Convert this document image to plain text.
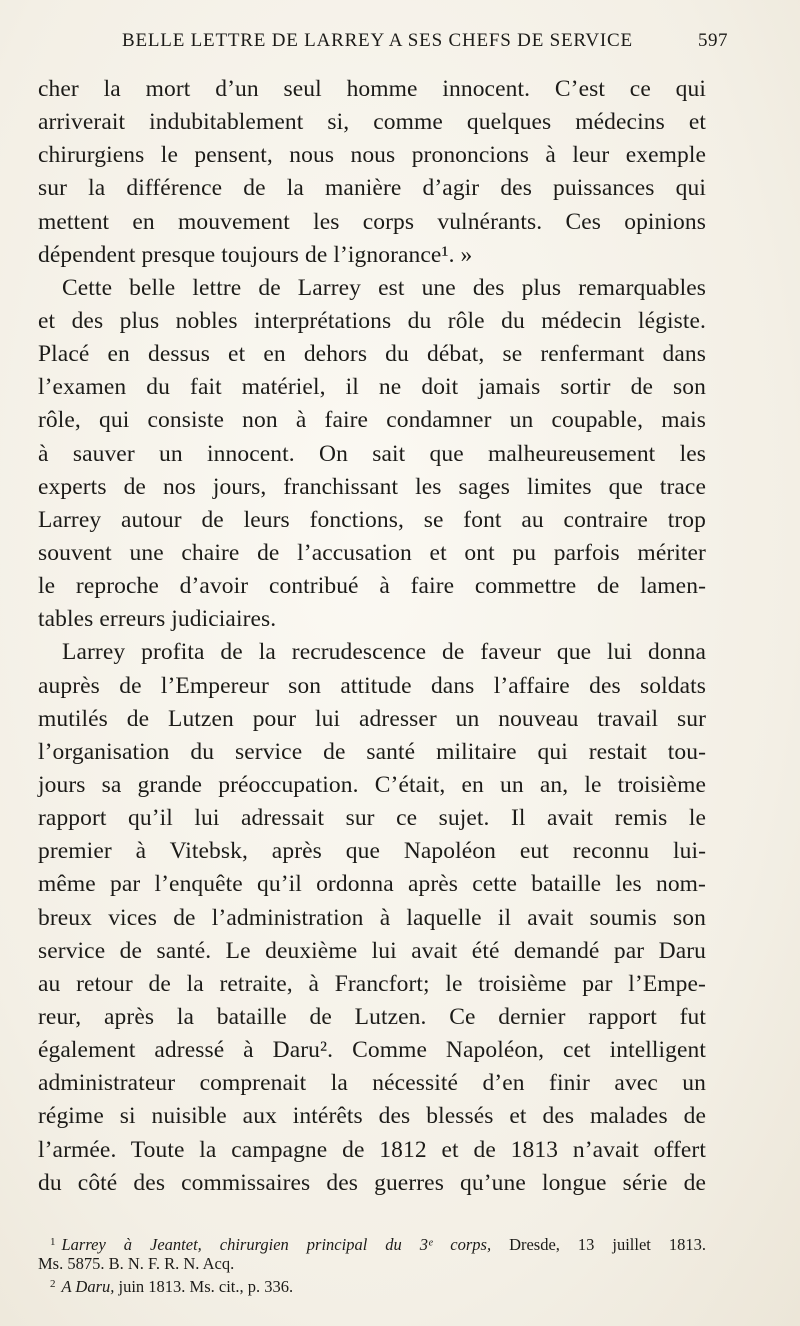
BELLE LETTRE DE LARREY A SES CHEFS DE SERVICE	597
cher la mort d’un seul homme innocent. C’est ce qui
arriverait indubitablement si, comme quelques médecins et
chirurgiens le pensent, nous nous prononcions à leur exemple
sur la différence de la manière d’agir des puissances qui
mettent en mouvement les corps vulnérants. Ces opinions
dépendent presque toujours de l’ignorance¹. »
Cette belle lettre de Larrey est une des plus remarquables
et des plus nobles interprétations du rôle du médecin légiste.
Placé en dessus et en dehors du débat, se renfermant dans
l’examen du fait matériel, il ne doit jamais sortir de son
rôle, qui consiste non à faire condamner un coupable, mais
à sauver un innocent. On sait que malheureusement les
experts de nos jours, franchissant les sages limites que trace
Larrey autour de leurs fonctions, se font au contraire trop
souvent une chaire de l’accusation et ont pu parfois mériter
le reproche d’avoir contribué à faire commettre de lamen-
tables erreurs judiciaires.
Larrey profita de la recrudescence de faveur que lui donna
auprès de l’Empereur son attitude dans l’affaire des soldats
mutilés de Lutzen pour lui adresser un nouveau travail sur
l’organisation du service de santé militaire qui restait tou-
jours sa grande préoccupation. C’était, en un an, le troisième
rapport qu’il lui adressait sur ce sujet. Il avait remis le
premier à Vitebsk, après que Napoléon eut reconnu lui-
même par l’enquête qu’il ordonna après cette bataille les nom-
breux vices de l’administration à laquelle il avait soumis son
service de santé. Le deuxième lui avait été demandé par Daru
au retour de la retraite, à Francfort; le troisième par l’Empe-
reur, après la bataille de Lutzen. Ce dernier rapport fut
également adressé à Daru². Comme Napoléon, cet intelligent
administrateur comprenait la nécessité d’en finir avec un
régime si nuisible aux intérêts des blessés et des malades de
l’armée. Toute la campagne de 1812 et de 1813 n’avait offert
du côté des commissaires des guerres qu’une longue série de
$^1$ Larrey à Jeantet, chirurgien principal du 3ᵉ corps, Dresde, 13 juillet 1813.
Ms. 5875. B. N. F. R. N. Acq.
$^2$ A Daru, juin 1813. Ms. cit., p. 336.
